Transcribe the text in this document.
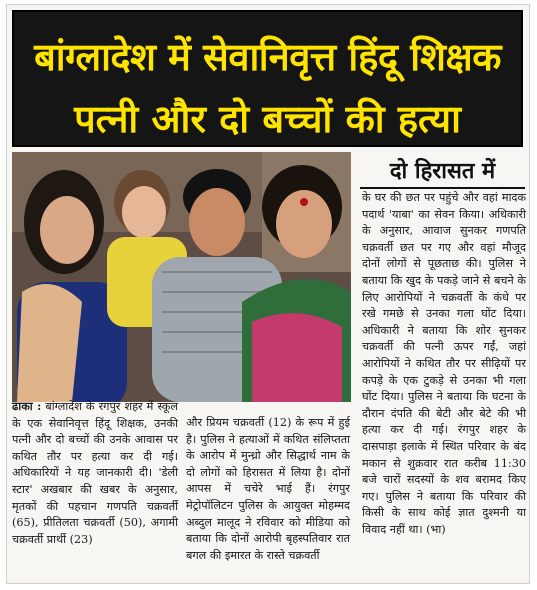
बांग्लादेश में सेवानिवृत्त हिंदू शिक्षक
पत्नी और दो बच्चों की हत्या
दो हिरासत में

ढाका : बांग्लादेश के रंगपुर शहर में स्कूल के एक सेवानिवृत्त हिंदू शिक्षक, उनकी पत्नी और दो बच्चों की उनके आवास पर कथित तौर पर हत्या कर दी गई। अधिकारियों ने यह जानकारी दी। 'डेली स्टार' अखबार की खबर के अनुसार, मृतकों की पहचान गणपति चक्रवर्ती (65), प्रीतिलता चक्रवर्ती (50), अगामी चक्रवर्ती प्रार्थी (23)

और प्रियम चक्रवर्ती (12) के रूप में हुई है। पुलिस ने हत्याओं में कथित संलिप्तता के आरोप में मुन्ध्रो और सिद्धार्थ नाम के दो लोगों को हिरासत में लिया है। दोनों आपस में चचेरे भाई हैं। रंगपुर मेट्रोपॉलिटन पुलिस के आयुक्त मोहम्मद अब्दुल मालूद ने रविवार को मीडिया को बताया कि दोनों आरोपी बृहस्पतिवार रात बगल की इमारत के रास्ते चक्रवर्ती

के घर की छत पर पहुंचे और वहां मादक पदार्थ 'याबा' का सेवन किया। अधिकारी के अनुसार, आवाज सुनकर गणपति चक्रवर्ती छत पर गए और वहां मौजूद दोनों लोगों से पूछताछ की। पुलिस ने बताया कि खुद के पकड़े जाने से बचने के लिए आरोपियों ने चक्रवर्ती के कंधे पर रखे गमछे से उनका गला घोंट दिया। अधिकारी ने बताया कि शोर सुनकर चक्रवर्ती की पत्नी ऊपर गईं, जहां आरोपियों ने कथित तौर पर सीढ़ियों पर कपड़े के एक टुकड़े से उनका भी गला घोंट दिया। पुलिस ने बताया कि घटना के दौरान दंपति की बेटी और बेटे की भी हत्या कर दी गई। रंगपुर शहर के दासपाड़ा इलाके में स्थित परिवार के बंद मकान से शुक्रवार रात करीब 11:30 बजे चारों सदस्यों के शव बरामद किए गए। पुलिस ने बताया कि परिवार की किसी के साथ कोई ज्ञात दुश्मनी या विवाद नहीं था। (भा)
